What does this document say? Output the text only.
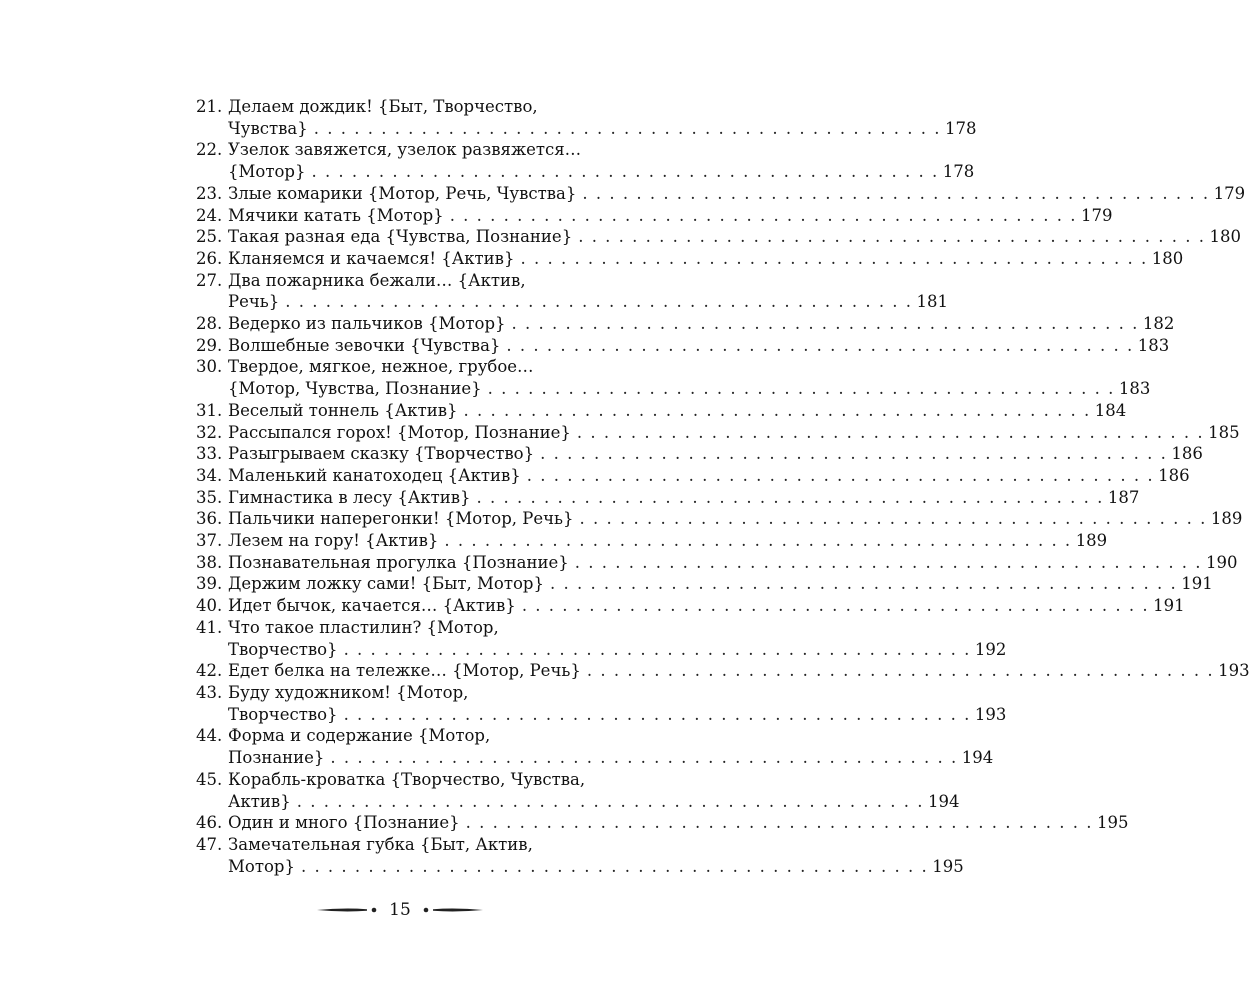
21. Делаем дождик! {Быт, Творчество,
Чувства} . . . . . . . . . . . . . . . . . . . . . . . . . . . . . . . . . . . . . . . . . . . . . . . 178
22. Узелок завяжется, узелок развяжется…
{Мотор} . . . . . . . . . . . . . . . . . . . . . . . . . . . . . . . . . . . . . . . . . . . . . . . 178
23. Злые комарики {Мотор, Речь, Чувства} . . . . . . . . . . . . . . . . . . . . . . . . . . . . . . . . . . . . . . . . . . . . . . . 179
24. Мячики катать {Мотор} . . . . . . . . . . . . . . . . . . . . . . . . . . . . . . . . . . . . . . . . . . . . . . . 179
25. Такая разная еда {Чувства, Познание} . . . . . . . . . . . . . . . . . . . . . . . . . . . . . . . . . . . . . . . . . . . . . . . 180
26. Кланяемся и качаемся! {Актив} . . . . . . . . . . . . . . . . . . . . . . . . . . . . . . . . . . . . . . . . . . . . . . . 180
27. Два пожарника бежали… {Актив,
Речь} . . . . . . . . . . . . . . . . . . . . . . . . . . . . . . . . . . . . . . . . . . . . . . . 181
28. Ведерко из пальчиков {Мотор} . . . . . . . . . . . . . . . . . . . . . . . . . . . . . . . . . . . . . . . . . . . . . . . 182
29. Волшебные зевочки {Чувства} . . . . . . . . . . . . . . . . . . . . . . . . . . . . . . . . . . . . . . . . . . . . . . . 183
30. Твердое, мягкое, нежное, грубое…
{Мотор, Чувства, Познание} . . . . . . . . . . . . . . . . . . . . . . . . . . . . . . . . . . . . . . . . . . . . . . . 183
31. Веселый тоннель {Актив} . . . . . . . . . . . . . . . . . . . . . . . . . . . . . . . . . . . . . . . . . . . . . . . 184
32. Рассыпался горох! {Мотор, Познание} . . . . . . . . . . . . . . . . . . . . . . . . . . . . . . . . . . . . . . . . . . . . . . . 185
33. Разыгрываем сказку {Творчество} . . . . . . . . . . . . . . . . . . . . . . . . . . . . . . . . . . . . . . . . . . . . . . . 186
34. Маленький канатоходец {Актив} . . . . . . . . . . . . . . . . . . . . . . . . . . . . . . . . . . . . . . . . . . . . . . . 186
35. Гимнастика в лесу {Актив} . . . . . . . . . . . . . . . . . . . . . . . . . . . . . . . . . . . . . . . . . . . . . . . 187
36. Пальчики наперегонки! {Мотор, Речь} . . . . . . . . . . . . . . . . . . . . . . . . . . . . . . . . . . . . . . . . . . . . . . . 189
37. Лезем на гору! {Актив} . . . . . . . . . . . . . . . . . . . . . . . . . . . . . . . . . . . . . . . . . . . . . . . 189
38. Познавательная прогулка {Познание} . . . . . . . . . . . . . . . . . . . . . . . . . . . . . . . . . . . . . . . . . . . . . . . 190
39. Держим ложку сами! {Быт, Мотор} . . . . . . . . . . . . . . . . . . . . . . . . . . . . . . . . . . . . . . . . . . . . . . . 191
40. Идет бычок, качается… {Актив} . . . . . . . . . . . . . . . . . . . . . . . . . . . . . . . . . . . . . . . . . . . . . . . 191
41. Что такое пластилин? {Мотор,
Творчество} . . . . . . . . . . . . . . . . . . . . . . . . . . . . . . . . . . . . . . . . . . . . . . . 192
42. Едет белка на тележке… {Мотор, Речь} . . . . . . . . . . . . . . . . . . . . . . . . . . . . . . . . . . . . . . . . . . . . . . . 193
43. Буду художником! {Мотор,
Творчество} . . . . . . . . . . . . . . . . . . . . . . . . . . . . . . . . . . . . . . . . . . . . . . . 193
44. Форма и содержание {Мотор,
Познание} . . . . . . . . . . . . . . . . . . . . . . . . . . . . . . . . . . . . . . . . . . . . . . . 194
45. Корабль-кроватка {Творчество, Чувства,
Актив} . . . . . . . . . . . . . . . . . . . . . . . . . . . . . . . . . . . . . . . . . . . . . . . 194
46. Один и много {Познание} . . . . . . . . . . . . . . . . . . . . . . . . . . . . . . . . . . . . . . . . . . . . . . . 195
47. Замечательная губка {Быт, Актив,
Мотор} . . . . . . . . . . . . . . . . . . . . . . . . . . . . . . . . . . . . . . . . . . . . . . . 195
15
